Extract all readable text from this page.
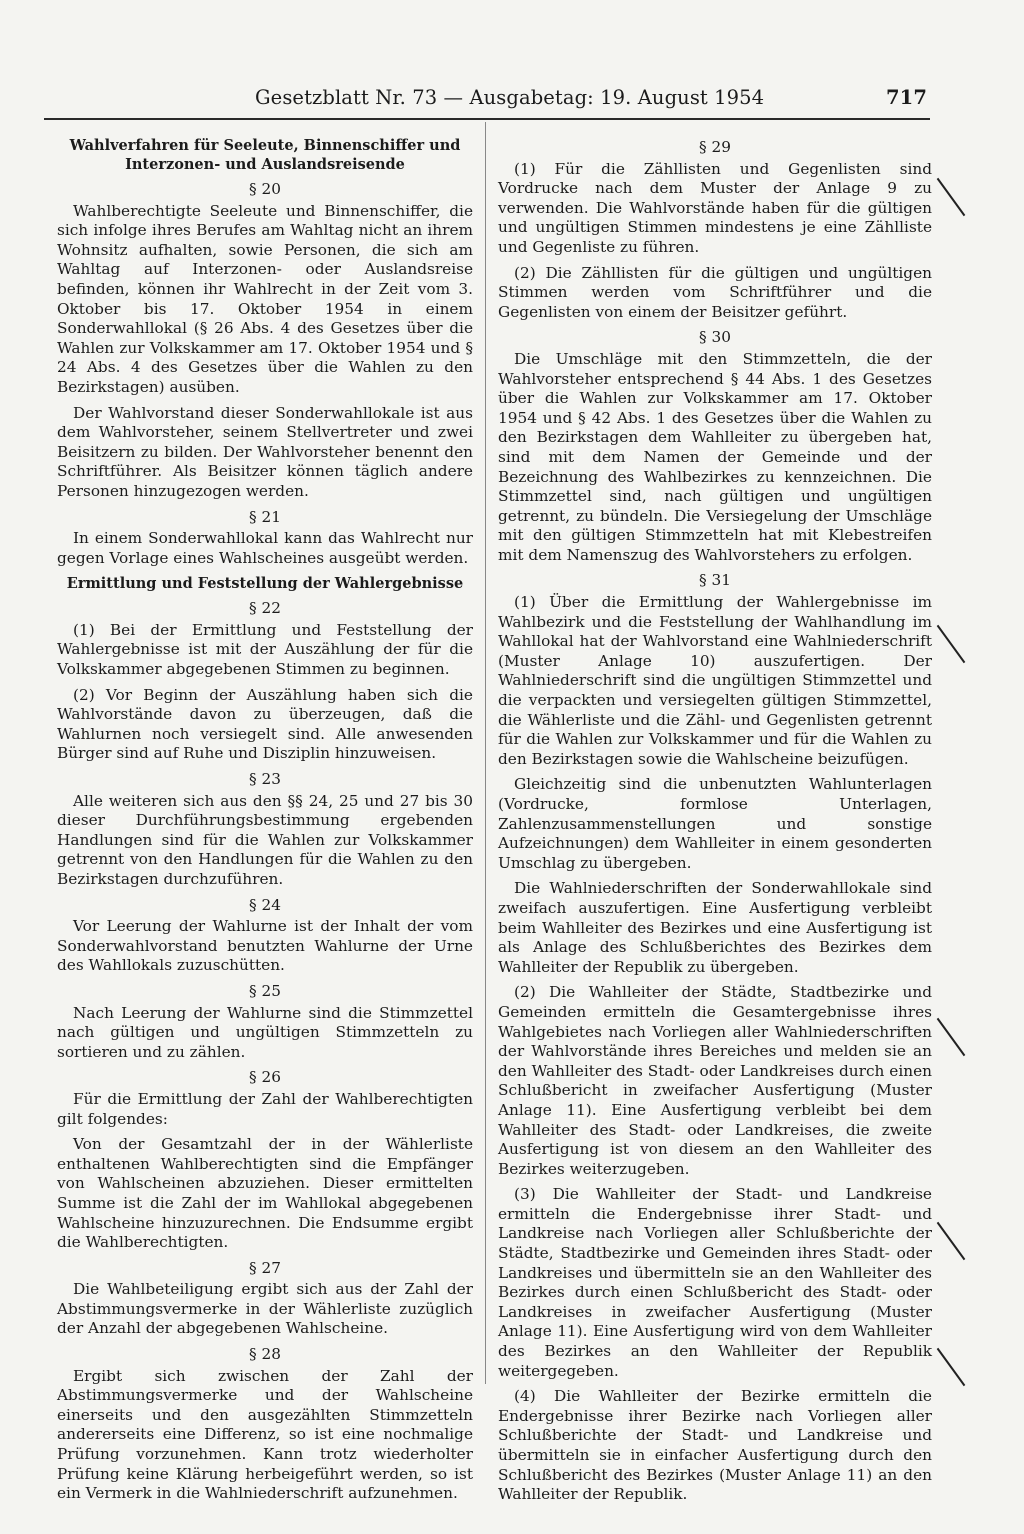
Gesetzblatt Nr. 73 — Ausgabetag: 19. August 1954	717
Wahlverfahren für Seeleute, Binnenschiffer und
Interzonen- und Auslandsreisende
§ 20

Wahlberechtigte Seeleute und Binnenschiffer, die sich infolge ihres Berufes am Wahltag nicht an ihrem Wohnsitz aufhalten, sowie Personen, die sich am Wahltag auf Interzonen- oder Auslandsreise befinden, können ihr Wahlrecht in der Zeit vom 3. Oktober bis 17. Oktober 1954 in einem Sonderwahllokal (§ 26 Abs. 4 des Gesetzes über die Wahlen zur Volkskammer am 17. Oktober 1954 und § 24 Abs. 4 des Gesetzes über die Wahlen zu den Bezirkstagen) ausüben.

Der Wahlvorstand dieser Sonderwahllokale ist aus dem Wahlvorsteher, seinem Stellvertreter und zwei Beisitzern zu bilden. Der Wahlvorsteher benennt den Schriftführer. Als Beisitzer können täglich andere Personen hinzugezogen werden.

§ 21

In einem Sonderwahllokal kann das Wahlrecht nur gegen Vorlage eines Wahlscheines ausgeübt werden.

Ermittlung und Feststellung der Wahlergebnisse
§ 22

(1) Bei der Ermittlung und Feststellung der Wahlergebnisse ist mit der Auszählung der für die Volkskammer abgegebenen Stimmen zu beginnen.

(2) Vor Beginn der Auszählung haben sich die Wahlvorstände davon zu überzeugen, daß die Wahlurnen noch versiegelt sind. Alle anwesenden Bürger sind auf Ruhe und Disziplin hinzuweisen.

§ 23

Alle weiteren sich aus den §§ 24, 25 und 27 bis 30 dieser Durchführungsbestimmung ergebenden Handlungen sind für die Wahlen zur Volkskammer getrennt von den Handlungen für die Wahlen zu den Bezirkstagen durchzuführen.

§ 24

Vor Leerung der Wahlurne ist der Inhalt der vom Sonderwahlvorstand benutzten Wahlurne der Urne des Wahllokals zuzuschütten.

§ 25

Nach Leerung der Wahlurne sind die Stimmzettel nach gültigen und ungültigen Stimmzetteln zu sortieren und zu zählen.

§ 26

Für die Ermittlung der Zahl der Wahlberechtigten gilt folgendes:

Von der Gesamtzahl der in der Wählerliste enthaltenen Wahlberechtigten sind die Empfänger von Wahlscheinen abzuziehen. Dieser ermittelten Summe ist die Zahl der im Wahllokal abgegebenen Wahlscheine hinzuzurechnen. Die Endsumme ergibt die Wahlberechtigten.

§ 27

Die Wahlbeteiligung ergibt sich aus der Zahl der Abstimmungsvermerke in der Wählerliste zuzüglich der Anzahl der abgegebenen Wahlscheine.

§ 28

Ergibt sich zwischen der Zahl der Abstimmungsvermerke und der Wahlscheine einerseits und den ausgezählten Stimmzetteln andererseits eine Differenz, so ist eine nochmalige Prüfung vorzunehmen. Kann trotz wiederholter Prüfung keine Klärung herbeigeführt werden, so ist ein Vermerk in die Wahlniederschrift aufzunehmen.

§ 29

(1) Für die Zähllisten und Gegenlisten sind Vordrucke nach dem Muster der Anlage 9 zu verwenden. Die Wahlvorstände haben für die gültigen und ungültigen Stimmen mindestens je eine Zählliste und Gegenliste zu führen.

(2) Die Zähllisten für die gültigen und ungültigen Stimmen werden vom Schriftführer und die Gegenlisten von einem der Beisitzer geführt.

§ 30

Die Umschläge mit den Stimmzetteln, die der Wahlvorsteher entsprechend § 44 Abs. 1 des Gesetzes über die Wahlen zur Volkskammer am 17. Oktober 1954 und § 42 Abs. 1 des Gesetzes über die Wahlen zu den Bezirkstagen dem Wahlleiter zu übergeben hat, sind mit dem Namen der Gemeinde und der Bezeichnung des Wahlbezirkes zu kennzeichnen. Die Stimmzettel sind, nach gültigen und ungültigen getrennt, zu bündeln. Die Versiegelung der Umschläge mit den gültigen Stimmzetteln hat mit Klebestreifen mit dem Namenszug des Wahlvorstehers zu erfolgen.

§ 31

(1) Über die Ermittlung der Wahlergebnisse im Wahlbezirk und die Feststellung der Wahlhandlung im Wahllokal hat der Wahlvorstand eine Wahlniederschrift (Muster Anlage 10) auszufertigen. Der Wahlniederschrift sind die ungültigen Stimmzettel und die verpackten und versiegelten gültigen Stimmzettel, die Wählerliste und die Zähl- und Gegenlisten getrennt für die Wahlen zur Volkskammer und für die Wahlen zu den Bezirkstagen sowie die Wahlscheine beizufügen.

Gleichzeitig sind die unbenutzten Wahlunterlagen (Vordrucke, formlose Unterlagen, Zahlenzusammenstellungen und sonstige Aufzeichnungen) dem Wahlleiter in einem gesonderten Umschlag zu übergeben.

Die Wahlniederschriften der Sonderwahllokale sind zweifach auszufertigen. Eine Ausfertigung verbleibt beim Wahlleiter des Bezirkes und eine Ausfertigung ist als Anlage des Schlußberichtes des Bezirkes dem Wahlleiter der Republik zu übergeben.

(2) Die Wahlleiter der Städte, Stadtbezirke und Gemeinden ermitteln die Gesamtergebnisse ihres Wahlgebietes nach Vorliegen aller Wahlniederschriften der Wahlvorstände ihres Bereiches und melden sie an den Wahlleiter des Stadt- oder Landkreises durch einen Schlußbericht in zweifacher Ausfertigung (Muster Anlage 11). Eine Ausfertigung verbleibt bei dem Wahlleiter des Stadt- oder Landkreises, die zweite Ausfertigung ist von diesem an den Wahlleiter des Bezirkes weiterzugeben.

(3) Die Wahlleiter der Stadt- und Landkreise ermitteln die Endergebnisse ihrer Stadt- und Landkreise nach Vorliegen aller Schlußberichte der Städte, Stadtbezirke und Gemeinden ihres Stadt- oder Landkreises und übermitteln sie an den Wahlleiter des Bezirkes durch einen Schlußbericht des Stadt- oder Landkreises in zweifacher Ausfertigung (Muster Anlage 11). Eine Ausfertigung wird von dem Wahlleiter des Bezirkes an den Wahlleiter der Republik weitergegeben.

(4) Die Wahlleiter der Bezirke ermitteln die Endergebnisse ihrer Bezirke nach Vorliegen aller Schlußberichte der Stadt- und Landkreise und übermitteln sie in einfacher Ausfertigung durch den Schlußbericht des Bezirkes (Muster Anlage 11) an den Wahlleiter der Republik.
